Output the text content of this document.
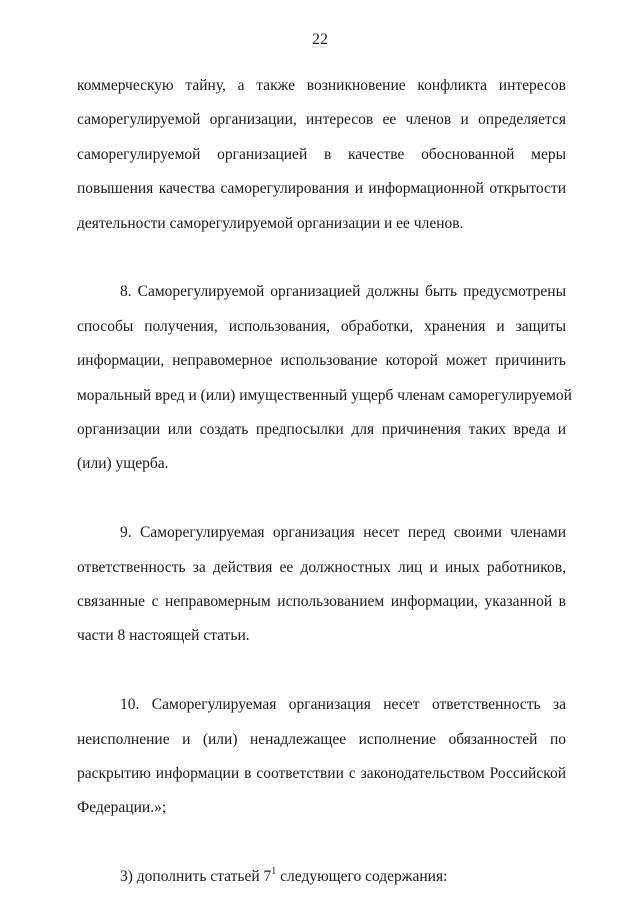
22

коммерческую тайну, а также возникновение конфликта интересов
саморегулируемой организации, интересов ее членов и определяется
саморегулируемой организацией в качестве обоснованной меры
повышения качества саморегулирования и информационной открытости
деятельности саморегулируемой организации и ее членов.

8. Саморегулируемой организацией должны быть предусмотрены
способы получения, использования, обработки, хранения и защиты
информации, неправомерное использование которой может причинить
моральный вред и (или) имущественный ущерб членам саморегулируемой
организации или создать предпосылки для причинения таких вреда и
(или) ущерба.

9. Саморегулируемая организация несет перед своими членами
ответственность за действия ее должностных лиц и иных работников,
связанные с неправомерным использованием информации, указанной в
части 8 настоящей статьи.

10. Саморегулируемая организация несет ответственность за
неисполнение и (или) ненадлежащее исполнение обязанностей по
раскрытию информации в соответствии с законодательством Российской
Федерации.»;

3) дополнить статьей $7^1$ следующего содержания:
